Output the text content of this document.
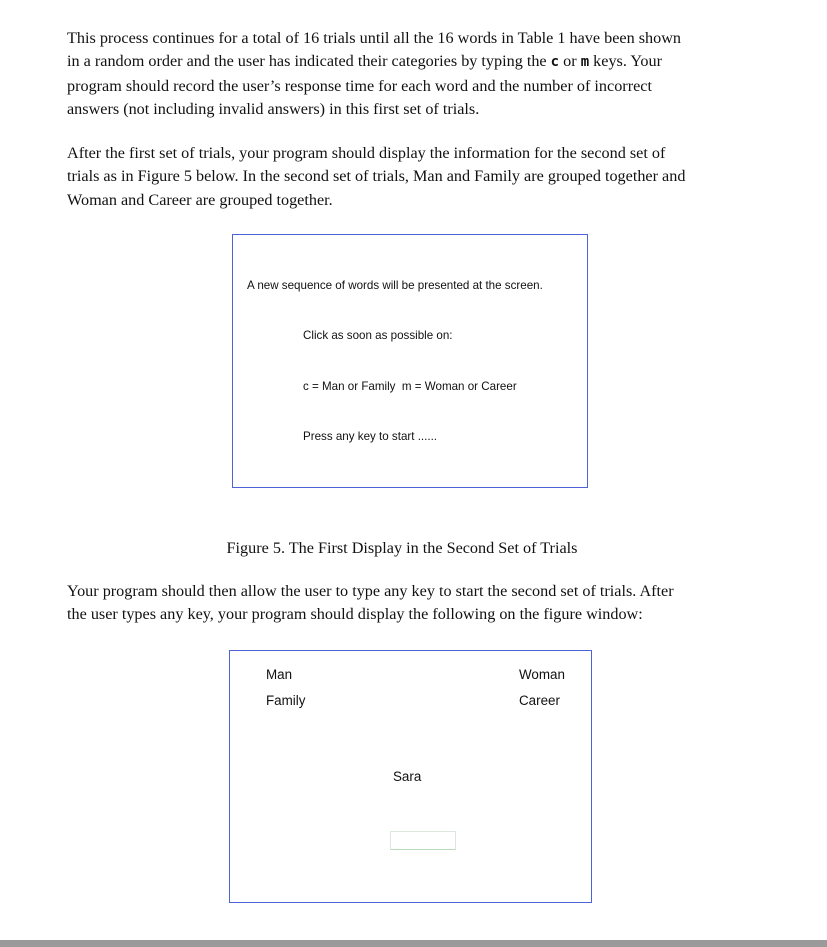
This process continues for a total of 16 trials until all the 16 words in Table 1 have been shown
in a random order and the user has indicated their categories by typing the c or m keys. Your
program should record the user’s response time for each word and the number of incorrect
answers (not including invalid answers) in this first set of trials.
After the first set of trials, your program should display the information for the second set of
trials as in Figure 5 below. In the second set of trials, Man and Family are grouped together and
Woman and Career are grouped together.
A new sequence of words will be presented at the screen.
Click as soon as possible on:
c = Man or Family  m = Woman or Career
Press any key to start ......
Figure 5. The First Display in the Second Set of Trials
Your program should then allow the user to type any key to start the second set of trials. After
the user types any key, your program should display the following on the figure window:
Man
Family
Woman
Career
Sara
